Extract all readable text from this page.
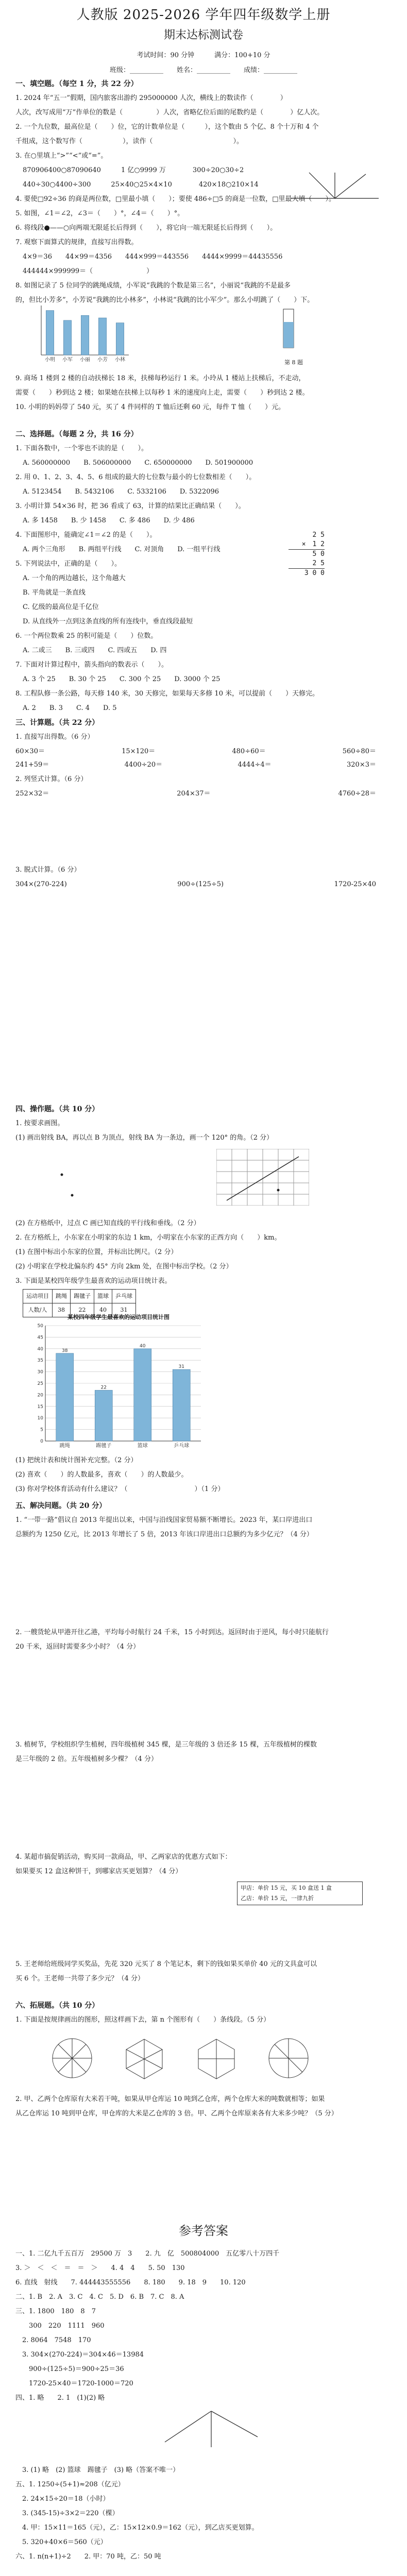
人教版 2025-2026 学年四年级数学上册
期末达标测试卷
考试时间：90 分钟　　　满分：100+10 分
班级：__________　　姓名：__________　　成绩：__________
一、填空题。（每空 1 分，共 22 分）
1. 2024 年“五一”假期，国内旅客出游约 295000000 人次，横线上的数读作（　　　　）
人次，改写成用“万”作单位的数是（　　　　　）人次，省略亿位后面的尾数约是（　　　　）亿人次。
2. 一个九位数，最高位是（　　）位，它的计数单位是（　　　），这个数由 5 个亿、8 个十万和 4 个
千组成，这个数写作（　　　　　　），读作（　　　　　　　　　　　　）。
3. 在○里填上“>”“<”或“=”。
870906400○87090640　　　1 亿○9999 万　　　　300÷20○30÷2
440÷30○4400÷300　　　25×40○25×4×10　　　　420×18○210×14
4. 要使□92÷36 的商是两位数，□里最小填（　　）；要使 486÷□5 的商是一位数，□里最大填（　　）。
5. 如图，∠1＝∠2，∠3＝（　　）°，∠4＝（　　）°。
6. 将线段●——○向两端无限延长后得到（　　），将它向一端无限延长后得到（　　）。
7. 观察下面算式的规律，直接写出得数。
4×9＝36　　44×99＝4356　　444×999＝443556　　4444×9999＝44435556
444444×999999＝（　　　　　　　　）
8. 如图记录了 5 位同学的跳绳成绩，小军说“我跳的个数是第三名”，小丽说“我跳的不是最多
的，但比小芳多”，小芳说“我跳的比小林多”，小林说“我跳的比小军少”。那么小明跳了（　　）下。
小明 小军 小丽 小芳 小林	第 8 题
9. 商场 1 楼到 2 楼的自动扶梯长 18 米，扶梯每秒运行 1 米。小玲从 1 楼站上扶梯后，不走动，
需要（　　）秒到达 2 楼；如果她在扶梯上以每秒 1 米的速度向上走，需要（　　）秒到达 2 楼。
10. 小明的妈妈带了 540 元，买了 4 件同样的 T 恤后还剩 60 元，每件 T 恤（　　）元。
二、选择题。（每题 2 分，共 16 分）
1. 下面各数中，一个零也不读的是（　　）。
A. 560000000　　B. 506000000　　C. 650000000　　D. 501900000
2. 用 0、1、2、3、4、5、6 组成的最大的七位数与最小的七位数相差（　　）。
A. 5123454　　B. 5432106　　C. 5332106　　D. 5322096
3. 小明计算 54×36 时，把 36 看成了 63，计算的结果比正确结果（　　）。
A. 多 1458　　B. 少 1458　　C. 多 486　　D. 少 486
4. 下面图形中，能确定∠1＝∠2 的是（　　）。
A. 两个三角形　　B. 两组平行线　　C. 对顶角　　D. 一组平行线
5. 下列说法中，正确的是（　　）。
A. 一个角的两边越长，这个角越大
B. 平角就是一条直线
C. 亿级的最高位是千亿位
D. 从直线外一点到这条直线的所有连线中，垂直线段最短
6. 一个两位数乘 25 的积可能是（　　）位数。
A. 二或三　　B. 三或四　　C. 四或五　　D. 四
7. 下面对计算过程中，箭头指向的数表示（　　）。
A. 3 个 25　　B. 30 个 25　　C. 300 个 25　　D. 3000 个 25
8. 工程队修一条公路，每天修 140 米，30 天修完，如果每天多修 10 米，可以提前（　　）天修完。
A. 2　　B. 3　　C. 4　　D. 5
2 5
×　1 2
5 0
2 5
3 0 0
三、计算题。（共 22 分）
1. 直接写出得数。（6 分）
60×30＝	15×120＝	480÷60＝	560÷80＝
241+59＝	4400÷20＝	4444÷4＝	320×3＝
2. 列竖式计算。（6 分）
252×32＝	204×37＝	4760÷28＝
3. 脱式计算。（6 分）
304×(270-224)	900÷(125÷5)	1720-25×40
四、操作题。（共 10 分）
1. 按要求画图。
(1) 画出射线 BA，再以点 B 为顶点，射线 BA 为一条边，画一个 120° 的角。（2 分）
(2) 在方格纸中，过点 C 画已知直线的平行线和垂线。（2 分）
2. 在方格纸上，小东家在小明家的东边 1 km，小明家在小东家的正西方向（　　）km。
(1) 在图中标出小东家的位置，并标出比例尺。（2 分）
(2) 小明家在学校北偏东约 45° 方向 2km 处，在图中标出学校。（2 分）
3. 下面是某校四年级学生最喜欢的运动项目统计表。
运动项目	跳绳	踢毽子	篮球	乒乓球
人数/人	38	22	40	31
某校四年级学生最喜欢的运动项目统计图
0
5
10
15
20
25
30
35
40
45
50
跳绳
38
踢毽子
22
篮球
40
乒乓球
31
(1) 把统计表和统计图补充完整。（2 分）
(2) 喜欢（　　）的人数最多，喜欢（　　）的人数最少。
(3) 你对学校体育活动有什么建议？（　　　　　　　　　　）（1 分）
五、解决问题。（共 20 分）
1. “一带一路”倡议自 2013 年提出以来，中国与沿线国家贸易额不断增长。2023 年，某口岸进出口
总额约为 1250 亿元，比 2013 年增长了 5 倍，2013 年该口岸进出口总额约为多少亿元？（4 分）
2. 一艘货轮从甲港开往乙港，平均每小时航行 24 千米，15 小时到达。返回时由于逆风，每小时只能航行
20 千米，返回时需要多少小时？（4 分）
3. 植树节，学校组织学生植树，四年级植树 345 棵，是三年级的 3 倍还多 15 棵，五年级植树的棵数
是三年级的 2 倍。五年级植树多少棵？（4 分）
4. 某超市搞促销活动，购买同一款商品，甲、乙两家店的优惠方式如下：
如果要买 12 盒这种饼干，到哪家店买更划算？（4 分）
甲店：单价 15 元，买 10 盒送 1 盒
乙店：单价 15 元，一律九折
5. 王老师给班级同学买奖品，先花 320 元买了 8 个笔记本，剩下的钱如果买单价 40 元的文具盒可以
买 6 个。王老师一共带了多少元？（4 分）
六、拓展题。（共 10 分）
1. 下面是按规律画出的图形，照这样画下去，第 n 个图形有（　　）条线段。（5 分）
2. 甲、乙两个仓库原有大米若干吨，如果从甲仓库运 10 吨到乙仓库，两个仓库大米的吨数就相等；如果
从乙仓库运 10 吨到甲仓库，甲仓库的大米是乙仓库的 3 倍。甲、乙两个仓库原来各有大米多少吨？（5 分）
参考答案
一、1. 二亿九千五百万　29500 万　3　　2. 九　亿　500804000　五亿零八十万四千
3. ＞　＜　＜　＝　＝　＞　　4. 4　4　　5. 50　130
6. 直线　射线　　7. 444443555556　　8. 180　　9. 18　9　　10. 120
二、1. B　2. A　3. C　4. C　5. D　6. B　7. C　8. A
三、1. 1800　180　8　7
　　300　220　1111　960
　2. 8064　7548　170
　3. 304×(270-224)＝304×46＝13984
　　900÷(125÷5)＝900÷25＝36
　　1720-25×40＝1720-1000＝720
四、1. 略　　2. 1　(1)(2) 略
　3. (1) 略　(2) 篮球　踢毽子　(3) 略（答案不唯一）
五、1. 1250÷(5+1)≈208（亿元）
　2. 24×15÷20＝18（小时）
　3. (345-15)÷3×2＝220（棵）
　4. 甲：15×11＝165（元），乙：15×12×0.9＝162（元），到乙店买更划算。
　5. 320+40×6＝560（元）
六、1. n(n+1)÷2　　2. 甲：70 吨，乙：50 吨
